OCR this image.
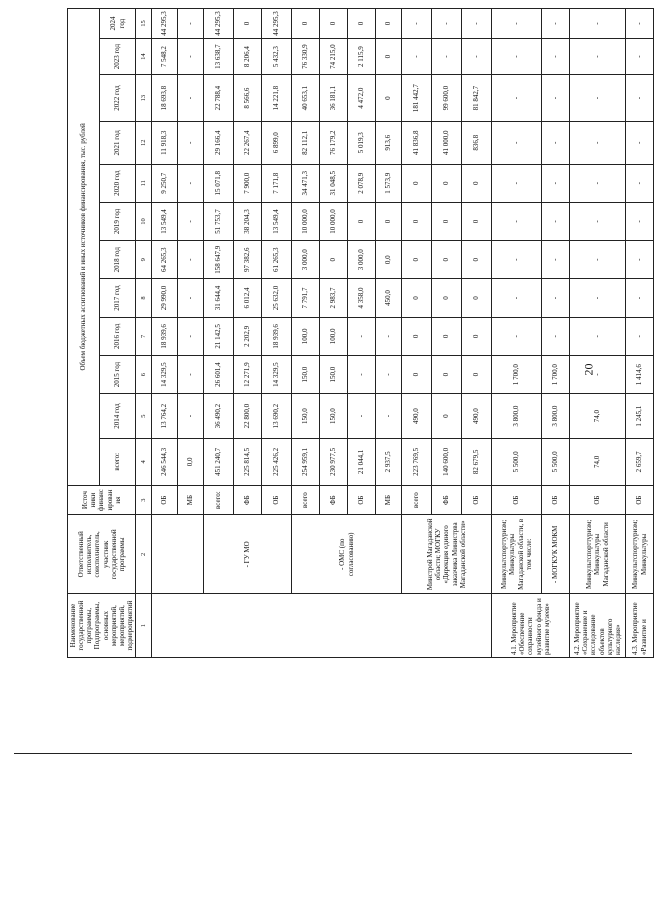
20
Наименование государственной программы, Подпрограммы, основных мероприятий, мероприятий, подмероприятий	Ответственный исполнитель, соисполнитель, участник государственной программы	Источ ники финанс ирован ия	Объем бюджетных ассигнований и иных источников финансирования, тыс. рублей											
			всего:	2014 год	2015 год	2016 год	2017 год	2018 год	2019 год	2020 год	2021 год	2022 год	2023 год	2024 год
1	2	3	4	5	6	7	8	9	10	11	12	13	14	15
		ОБ	246 544,3	13 764,2	14 329,5	18 939,6	29 990,0	64 265,3	13 549,4	9 250,7	11 918,3	18 693,8	7 548,2	44 295,3
		МБ	0,0	-	-	-	-	-	-	-	-	-	-	-
	- ГУ МО	всего:	451 240,7	36 490,2	26 601,4	21 142,5	31 644,4	158 647,9	51 753,7	15 071,8	29 166,4	22 788,4	13 638,7	44 295,3
		ФБ	225 814,5	22 800,0	12 271,9	2 202,9	6 012,4	97 382,6	38 204,3	7 900,0	22 267,4	8 566,6	8 206,4	0
		ОБ	225 426,2	13 690,2	14 329,5	18 939,6	25 632,0	61 265,3	13 549,4	7 171,8	6 899,0	14 221,8	5 432,3	44 295,3
	- ОМС (по согласованию)	всего	254 959,1	150,0	150,0	100,0	7 791,7	3 000,0	10 000,0	34 471,3	82 112,1	40 653,1	76 330,9	0
		ФБ	230 977,5	150,0	150,0	100,0	2 983,7	0	10 000,0	31 048,5	76 179,2	36 181,1	74 215,0	0
		ОБ	21 044,1	-	-	-	4 358,0	3 000,0	0	2 078,9	5 019,3	4 472,0	2 115,9	0
		МБ	2 937,5	-	-	-	450,0	0,0	0	1 573,9	913,6	0	0	0
	Минстрой Магаданской области; МОГКУ «Дирекция единого заказчика Министрва Магаданской области»	всего	223 769,5	490,0	0	0	0	0	0	0	41 836,8	181 442,7	-	-
		ФБ	140 600,0	0	0	0	0	0	0	0	41 000,0	99 600,0	-	-
		ОБ	82 679,5	490,0	0	0	0	0	0	0	836,8	81 842,7	-	-
4.1. Мероприятие «Обеспечение сохранности музейного фонда и развитие музеев»	Минкультспорттуризм; Минкультуры Магаданской области, в том числе:	ОБ	5 500,0	3 800,0	1 700,0	-	-	-	-	-	-	-	-	-
	- МОГКУК МОКМ	ОБ	5 500,0	3 800,0	1 700,0	-	-	-	-	-	-	-	-	-
4.2. Мероприятие «Сохранение и исследование объектов культурного наследия»	Минкультспорттуризм; Минкультуры Магаданской области	ОБ	74,0	74,0	-	-	-	-	-	-	-	-	-	-
4.3. Мероприятие «Развитие и	Минкультспорттуризм; Минкультуры	ОБ	2 659,7	1 245,1	1 414,6	-	-	-	-	-	-	-	-	-
